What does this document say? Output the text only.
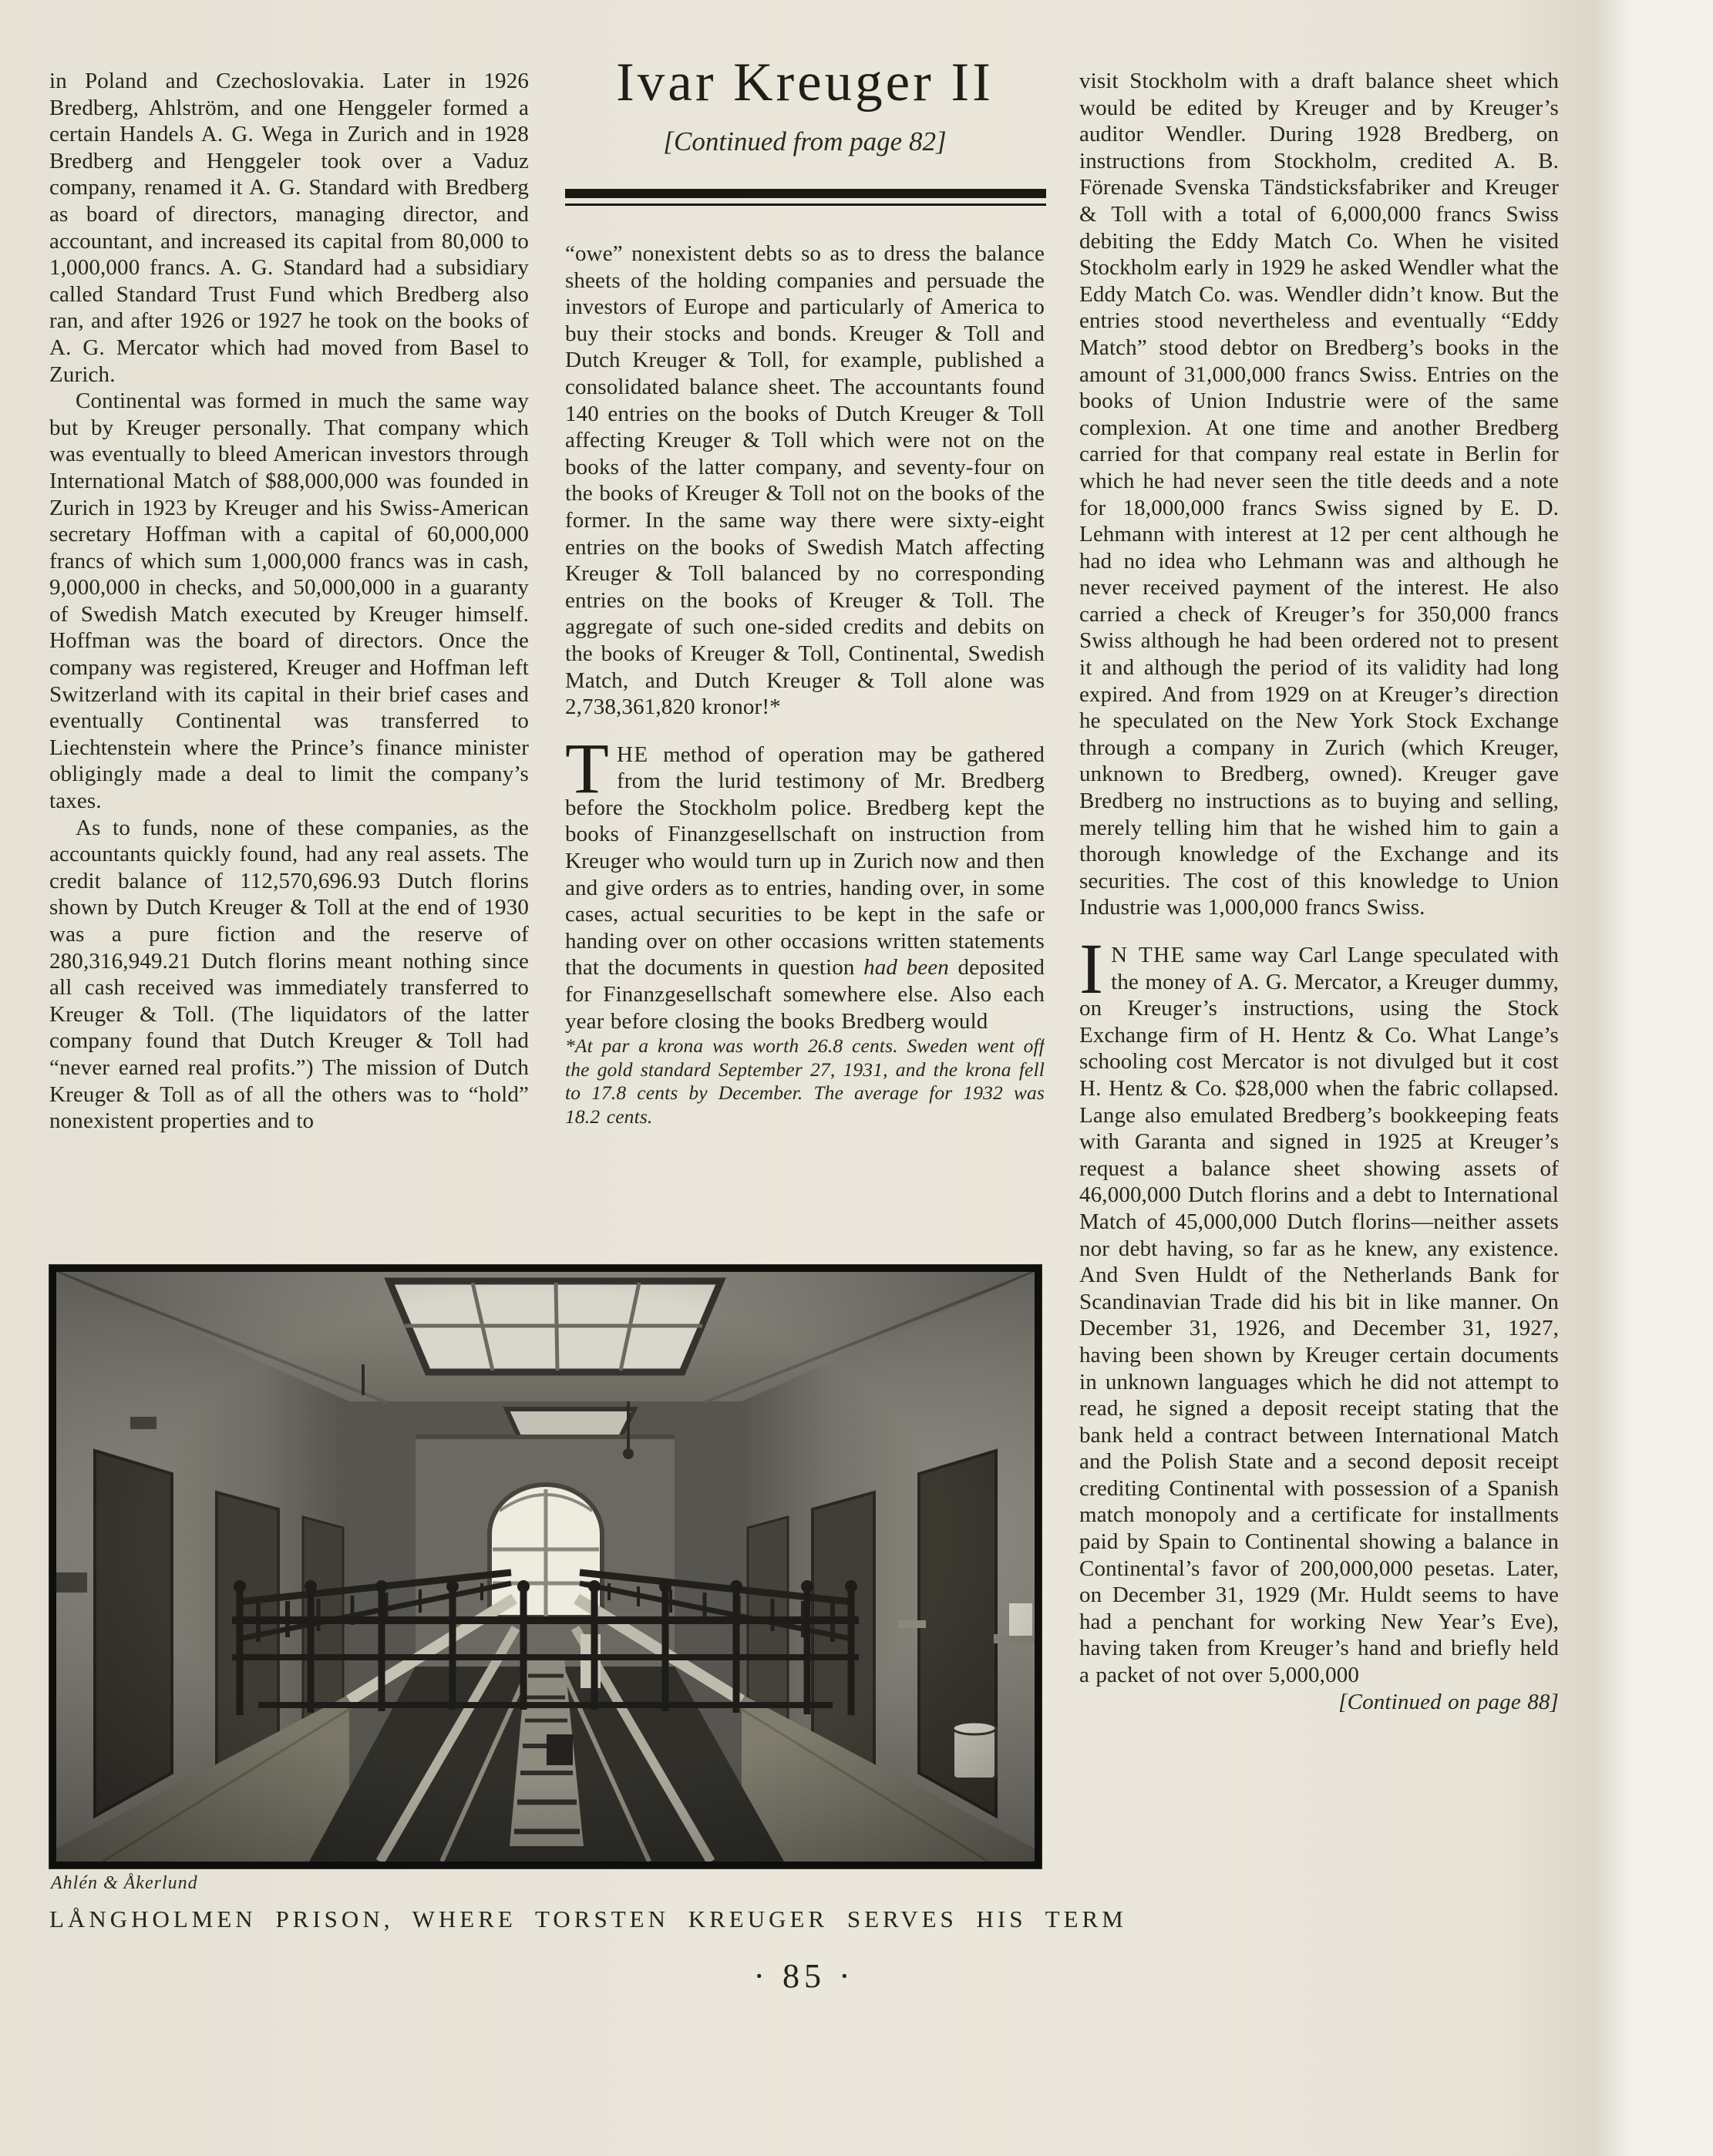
Ivar Kreuger II
[Continued from page 82]

in Poland and Czechoslovakia. Later in 1926 Bredberg, Ahlström, and one Henggeler formed a certain Handels A. G. Wega in Zurich and in 1928 Bredberg and Henggeler took over a Vaduz company, renamed it A. G. Standard with Bredberg as board of directors, managing director, and accountant, and increased its capital from 80,000 to 1,000,000 francs. A. G. Standard had a subsidiary called Standard Trust Fund which Bredberg also ran, and after 1926 or 1927 he took on the books of A. G. Mercator which had moved from Basel to Zurich.

Continental was formed in much the same way but by Kreuger personally. That company which was eventually to bleed American investors through International Match of $88,000,000 was founded in Zurich in 1923 by Kreuger and his Swiss-American secretary Hoffman with a capital of 60,000,000 francs of which sum 1,000,000 francs was in cash, 9,000,000 in checks, and 50,000,000 in a guaranty of Swedish Match executed by Kreuger himself. Hoffman was the board of directors. Once the company was registered, Kreuger and Hoffman left Switzerland with its capital in their brief cases and eventually Continental was transferred to Liechtenstein where the Prince’s finance minister obligingly made a deal to limit the company’s taxes.

As to funds, none of these companies, as the accountants quickly found, had any real assets. The credit balance of 112,570,696.93 Dutch florins shown by Dutch Kreuger & Toll at the end of 1930 was a pure fiction and the reserve of 280,316,949.21 Dutch florins meant nothing since all cash received was immediately transferred to Kreuger & Toll. (The liquidators of the latter company found that Dutch Kreuger & Toll had “never earned real profits.”) The mission of Dutch Kreuger & Toll as of all the others was to “hold” nonexistent properties and to

“owe” nonexistent debts so as to dress the balance sheets of the holding companies and persuade the investors of Europe and particularly of America to buy their stocks and bonds. Kreuger & Toll and Dutch Kreuger & Toll, for example, published a consolidated balance sheet. The accountants found 140 entries on the books of Dutch Kreuger & Toll affecting Kreuger & Toll which were not on the books of the latter company, and seventy-four on the books of Kreuger & Toll not on the books of the former. In the same way there were sixty-eight entries on the books of Swedish Match affecting Kreuger & Toll balanced by no corresponding entries on the books of Kreuger & Toll. The aggregate of such one-sided credits and debits on the books of Kreuger & Toll, Continental, Swedish Match, and Dutch Kreuger & Toll alone was 2,738,361,820 kronor!*

THE method of operation may be gathered from the lurid testimony of Mr. Bredberg before the Stockholm police. Bredberg kept the books of Finanzgesellschaft on instruction from Kreuger who would turn up in Zurich now and then and give orders as to entries, handing over, in some cases, actual securities to be kept in the safe or handing over on other occasions written statements that the documents in question had been deposited for Finanzgesellschaft somewhere else. Also each year before closing the books Bredberg would

*At par a krona was worth 26.8 cents. Sweden went off the gold standard September 27, 1931, and the krona fell to 17.8 cents by December. The average for 1932 was 18.2 cents.

visit Stockholm with a draft balance sheet which would be edited by Kreuger and by Kreuger’s auditor Wendler. During 1928 Bredberg, on instructions from Stockholm, credited A. B. Förenade Svenska Tändsticksfabriker and Kreuger & Toll with a total of 6,000,000 francs Swiss debiting the Eddy Match Co. When he visited Stockholm early in 1929 he asked Wendler what the Eddy Match Co. was. Wendler didn’t know. But the entries stood nevertheless and eventually “Eddy Match” stood debtor on Bredberg’s books in the amount of 31,000,000 francs Swiss. Entries on the books of Union Industrie were of the same complexion. At one time and another Bredberg carried for that company real estate in Berlin for which he had never seen the title deeds and a note for 18,000,000 francs Swiss signed by E. D. Lehmann with interest at 12 per cent although he had no idea who Lehmann was and although he never received payment of the interest. He also carried a check of Kreuger’s for 350,000 francs Swiss although he had been ordered not to present it and although the period of its validity had long expired. And from 1929 on at Kreuger’s direction he speculated on the New York Stock Exchange through a company in Zurich (which Kreuger, unknown to Bredberg, owned). Kreuger gave Bredberg no instructions as to buying and selling, merely telling him that he wished him to gain a thorough knowledge of the Exchange and its securities. The cost of this knowledge to Union Industrie was 1,000,000 francs Swiss.

I N THE same way Carl Lange speculated with the money of A. G. Mercator, a Kreuger dummy, on Kreuger’s instructions, using the Stock Exchange firm of H. Hentz & Co. What Lange’s schooling cost Mercator is not divulged but it cost H. Hentz & Co. $28,000 when the fabric collapsed. Lange also emulated Bredberg’s bookkeeping feats with Garanta and signed in 1925 at Kreuger’s request a balance sheet showing assets of 46,000,000 Dutch florins and a debt to International Match of 45,000,000 Dutch florins—neither assets nor debt having, so far as he knew, any existence. And Sven Huldt of the Netherlands Bank for Scandinavian Trade did his bit in like manner. On December 31, 1926, and December 31, 1927, having been shown by Kreuger certain documents in unknown languages which he did not attempt to read, he signed a deposit receipt stating that the bank held a contract between International Match and the Polish State and a second deposit receipt crediting Continental with possession of a Spanish match monopoly and a certificate for installments paid by Spain to Continental showing a balance in Continental’s favor of 200,000,000 pesetas. Later, on December 31, 1929 (Mr. Huldt seems to have had a penchant for working New Year’s Eve), having taken from Kreuger’s hand and briefly held a packet of not over 5,000,000

[Continued on page 88]

Ahlén & Åkerlund
LÅNGHOLMEN PRISON, WHERE TORSTEN KREUGER SERVES HIS TERM
· 85 ·
